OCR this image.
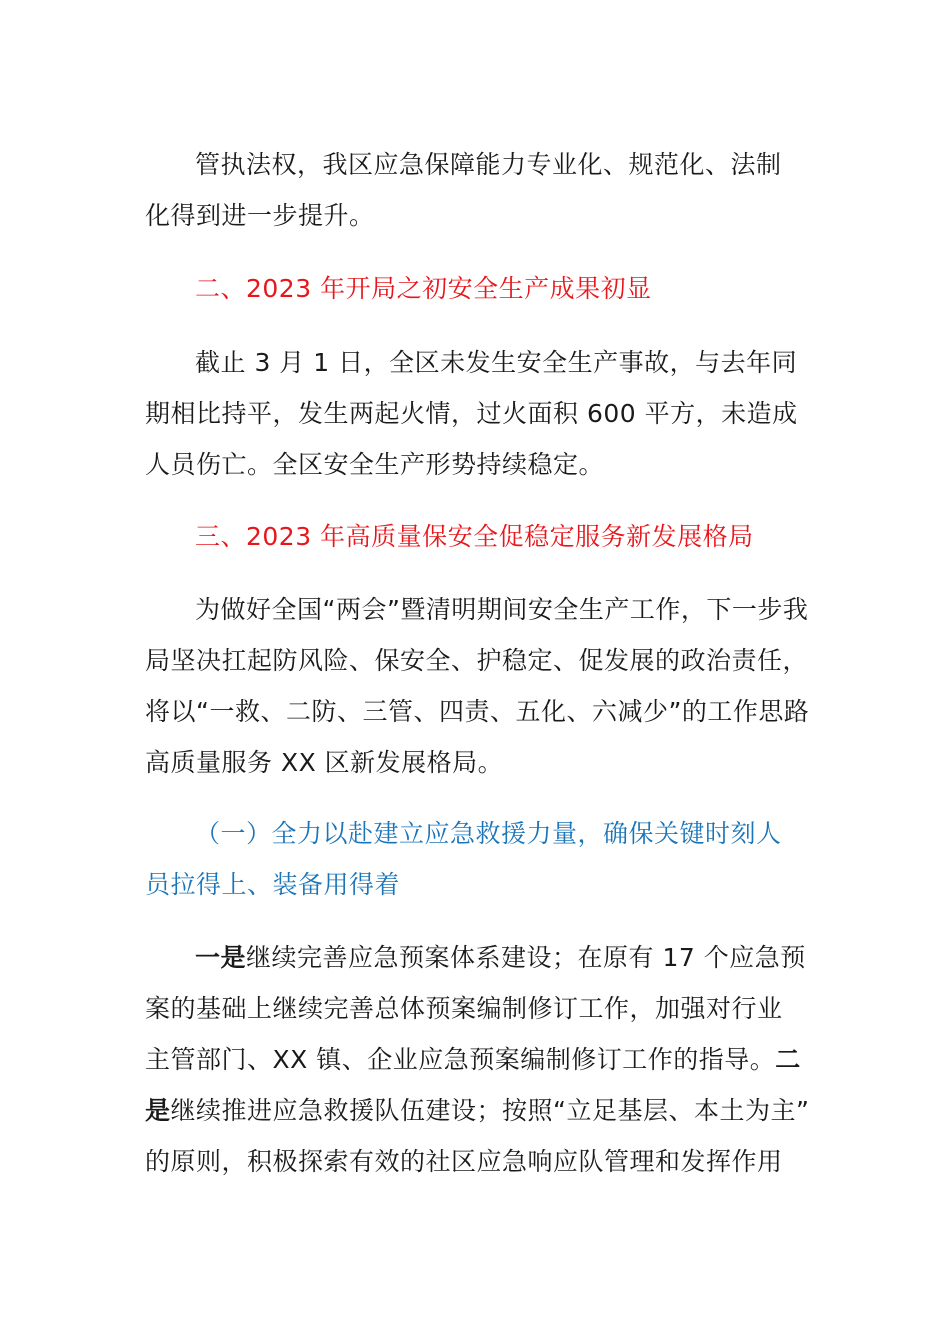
管执法权，我区应急保障能力专业化、规范化、法制
化得到进一步提升。
二、2023 年开局之初安全生产成果初显
截止 3 月 1 日，全区未发生安全生产事故，与去年同
期相比持平，发生两起火情，过火面积 600 平方，未造成
人员伤亡。全区安全生产形势持续稳定。
三、2023 年高质量保安全促稳定服务新发展格局
为做好全国“两会”暨清明期间安全生产工作，下一步我
局坚决扛起防风险、保安全、护稳定、促发展的政治责任，
将以“一救、二防、三管、四责、五化、六减少”的工作思路
高质量服务 XX 区新发展格局。
（一）全力以赴建立应急救援力量，确保关键时刻人
员拉得上、装备用得着
一是继续完善应急预案体系建设；在原有 17 个应急预
案的基础上继续完善总体预案编制修订工作，加强对行业
主管部门、XX 镇、企业应急预案编制修订工作的指导。二
是继续推进应急救援队伍建设；按照“立足基层、本土为主”
的原则，积极探索有效的社区应急响应队管理和发挥作用
